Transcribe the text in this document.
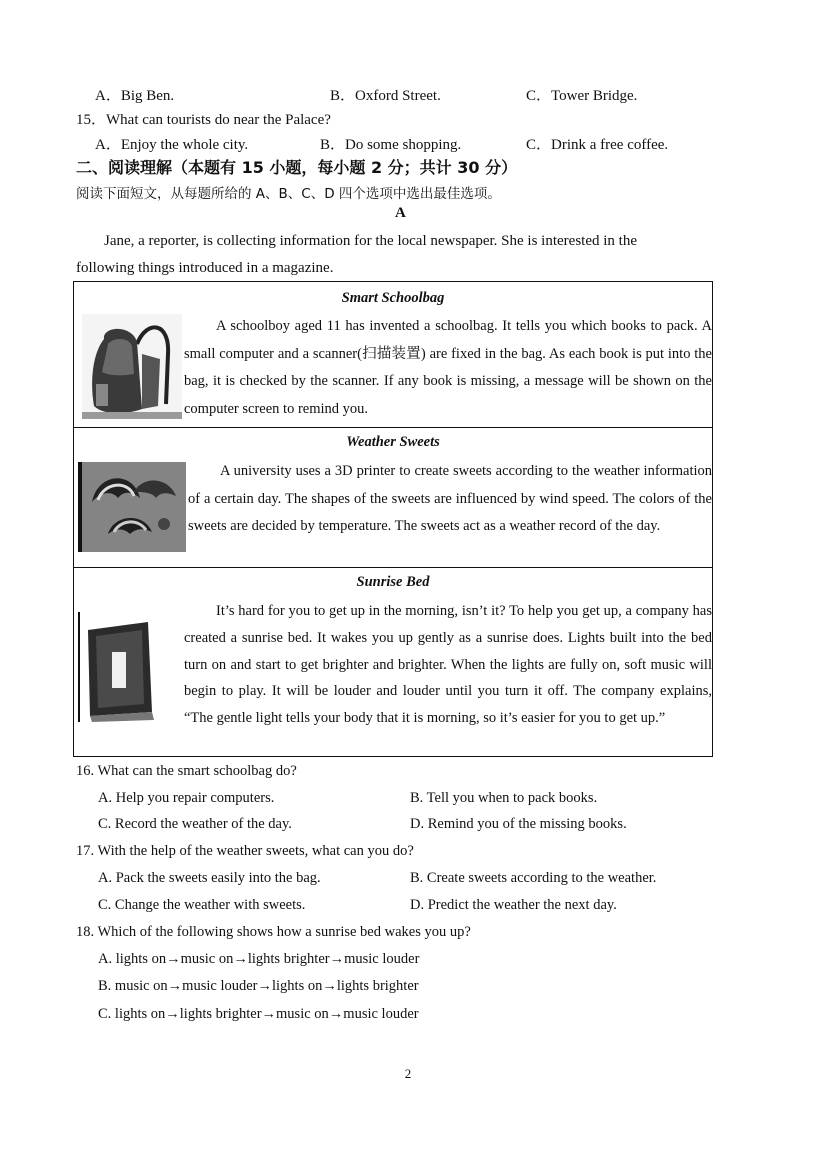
A．Big Ben.	B．Oxford Street.	C．Tower Bridge.
15．What can tourists do near the Palace?
A．Enjoy the whole city.	B．Do some shopping.	C．Drink a free coffee.
二、阅读理解（本题有 15 小题，每小题 2 分；共计 30 分）
阅读下面短文，从每题所给的 A、B、C、D 四个选项中选出最佳选项。
A
Jane, a reporter, is collecting information for the local newspaper. She is interested in the
following things introduced in a magazine.
Smart Schoolbag
A schoolboy aged 11 has invented a schoolbag. It tells you which books to pack. A small computer and a scanner(扫描装置) are fixed in the bag. As each book is put into the bag, it is checked by the scanner. If any book is missing, a message will be shown on the computer screen to remind you.
Weather Sweets
A university uses a 3D printer to create sweets according to the weather information of a certain day. The shapes of the sweets are influenced by wind speed. The colors of the sweets are decided by temperature. The sweets act as a weather record of the day.
Sunrise Bed
It’s hard for you to get up in the morning, isn’t it? To help you get up, a company has created a sunrise bed. It wakes you up gently as a sunrise does. Lights built into the bed turn on and start to get brighter and brighter. When the lights are fully on, soft music will begin to play. It will be louder and louder until you turn it off. The company explains, “The gentle light tells your body that it is morning, so it’s easier for you to get up.”
16. What can the smart schoolbag do?
A. Help you repair computers.	B. Tell you when to pack books.
C. Record the weather of the day.	D. Remind you of the missing books.
17. With the help of the weather sweets, what can you do?
A. Pack the sweets easily into the bag.	B. Create sweets according to the weather.
C. Change the weather with sweets.	D. Predict the weather the next day.
18. Which of the following shows how a sunrise bed wakes you up?
A. lights on→music on→lights brighter→music louder
B. music on→music louder→lights on→lights brighter
C. lights on→lights brighter→music on→music louder
2
